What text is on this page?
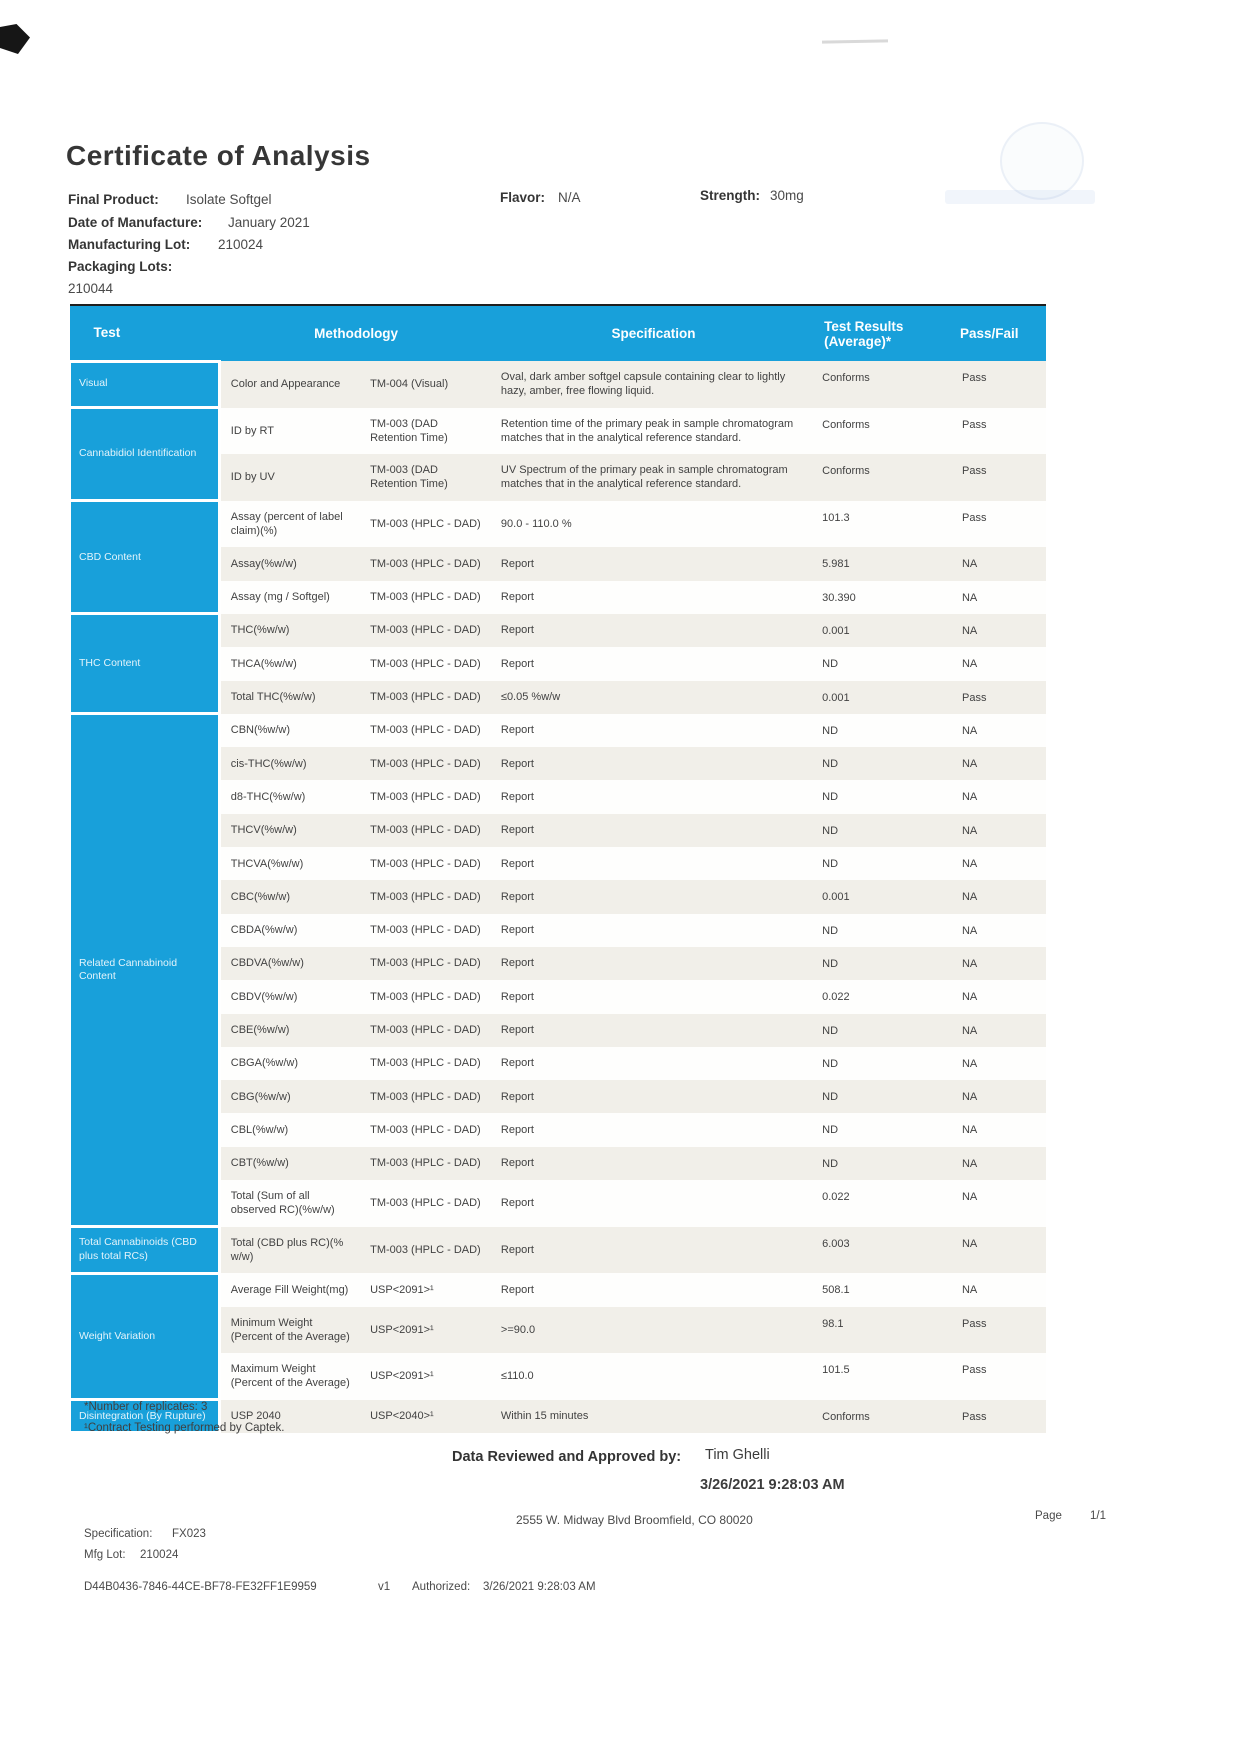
Certificate of Analysis
Final Product: Isolate Softgel	Flavor: N/A	Strength: 30mg
Date of Manufacture: January 2021
Manufacturing Lot: 210024
Packaging Lots:
210044
Test	Methodology		Specification	Test Results (Average)*	Pass/Fail
Visual	Color and Appearance	TM-004 (Visual)	Oval, dark amber softgel capsule containing clear to lightly hazy, amber, free flowing liquid.	Conforms	Pass
Cannabidiol Identification	ID by RT	TM-003 (DAD Retention Time)	Retention time of the primary peak in sample chromatogram matches that in the analytical reference standard.	Conforms	Pass
	ID by UV	TM-003 (DAD Retention Time)	UV Spectrum of the primary peak in sample chromatogram matches that in the analytical reference standard.	Conforms	Pass
CBD Content	Assay (percent of label claim)(%)	TM-003 (HPLC - DAD)	90.0 - 110.0 %	101.3	Pass
	Assay(%w/w)	TM-003 (HPLC - DAD)	Report	5.981	NA
	Assay (mg / Softgel)	TM-003 (HPLC - DAD)	Report	30.390	NA
THC Content	THC(%w/w)	TM-003 (HPLC - DAD)	Report	0.001	NA
	THCA(%w/w)	TM-003 (HPLC - DAD)	Report	ND	NA
	Total THC(%w/w)	TM-003 (HPLC - DAD)	≤0.05 %w/w	0.001	Pass
Related Cannabinoid Content	CBN(%w/w)	TM-003 (HPLC - DAD)	Report	ND	NA
	cis-THC(%w/w)	TM-003 (HPLC - DAD)	Report	ND	NA
	d8-THC(%w/w)	TM-003 (HPLC - DAD)	Report	ND	NA
	THCV(%w/w)	TM-003 (HPLC - DAD)	Report	ND	NA
	THCVA(%w/w)	TM-003 (HPLC - DAD)	Report	ND	NA
	CBC(%w/w)	TM-003 (HPLC - DAD)	Report	0.001	NA
	CBDA(%w/w)	TM-003 (HPLC - DAD)	Report	ND	NA
	CBDVA(%w/w)	TM-003 (HPLC - DAD)	Report	ND	NA
	CBDV(%w/w)	TM-003 (HPLC - DAD)	Report	0.022	NA
	CBE(%w/w)	TM-003 (HPLC - DAD)	Report	ND	NA
	CBGA(%w/w)	TM-003 (HPLC - DAD)	Report	ND	NA
	CBG(%w/w)	TM-003 (HPLC - DAD)	Report	ND	NA
	CBL(%w/w)	TM-003 (HPLC - DAD)	Report	ND	NA
	CBT(%w/w)	TM-003 (HPLC - DAD)	Report	ND	NA
	Total (Sum of all observed RC)(%w/w)	TM-003 (HPLC - DAD)	Report	0.022	NA
Total Cannabinoids (CBD plus total RCs)	Total (CBD plus RC)(% w/w)	TM-003 (HPLC - DAD)	Report	6.003	NA
Weight Variation	Average Fill Weight(mg)	USP<2091>¹	Report	508.1	NA
	Minimum Weight (Percent of the Average)	USP<2091>¹	>=90.0	98.1	Pass
	Maximum Weight (Percent of the Average)	USP<2091>¹	≤110.0	101.5	Pass
Disintegration (By Rupture)	USP 2040	USP<2040>¹	Within 15 minutes	Conforms	Pass
*Number of replicates: 3
¹Contract Testing performed by Captek.
Data Reviewed and Approved by: Tim Ghelli
3/26/2021 9:28:03 AM
2555 W. Midway Blvd Broomfield, CO 80020	Page 1/1
Specification: FX023
Mfg Lot: 210024
D44B0436-7846-44CE-BF78-FE32FF1E9959	v1 Authorized: 3/26/2021 9:28:03 AM
